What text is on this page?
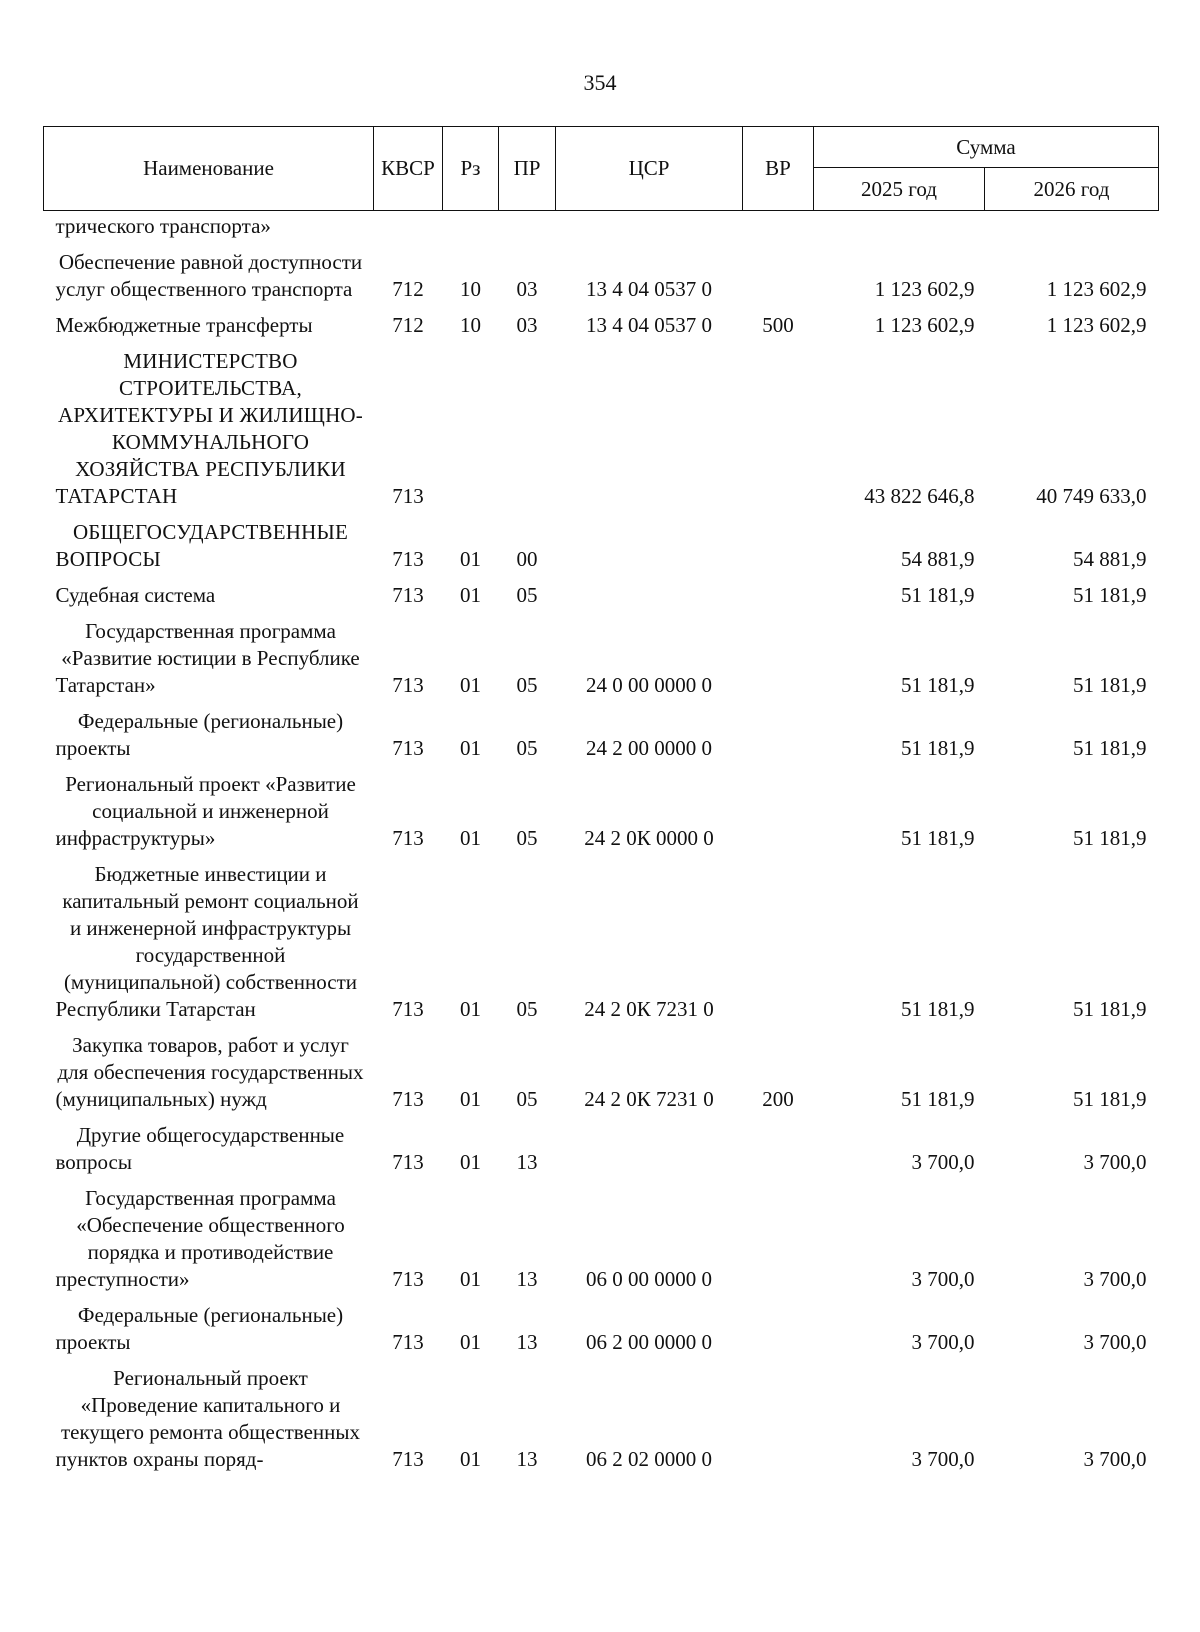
354
Наименование	КВСР	Рз	ПР	ЦСР	ВР	Сумма	
						2025 год	2026 год
трического транспорта»							
Обеспечение равной доступности услуг общественного транспорта	712	10	03	13 4 04 0537 0		1 123 602,9	1 123 602,9
Межбюджетные трансферты	712	10	03	13 4 04 0537 0	500	1 123 602,9	1 123 602,9
МИНИСТЕРСТВО СТРОИТЕЛЬСТВА, АРХИТЕКТУРЫ И ЖИЛИЩНО-КОММУНАЛЬНОГО ХОЗЯЙСТВА РЕСПУБЛИКИ ТАТАРСТАН	713					43 822 646,8	40 749 633,0
ОБЩЕГОСУДАРСТВЕННЫЕ ВОПРОСЫ	713	01	00			54 881,9	54 881,9
Судебная система	713	01	05			51 181,9	51 181,9
Государственная программа «Развитие юстиции в Республике Татарстан»	713	01	05	24 0 00 0000 0		51 181,9	51 181,9
Федеральные (региональные) проекты	713	01	05	24 2 00 0000 0		51 181,9	51 181,9
Региональный проект «Развитие социальной и инженерной инфраструктуры»	713	01	05	24 2 0К 0000 0		51 181,9	51 181,9
Бюджетные инвестиции и капитальный ремонт социальной и инженерной инфраструктуры государственной (муниципальной) собственности Республики Татарстан	713	01	05	24 2 0К 7231 0		51 181,9	51 181,9
Закупка товаров, работ и услуг для обеспечения государственных (муниципальных) нужд	713	01	05	24 2 0К 7231 0	200	51 181,9	51 181,9
Другие общегосударственные вопросы	713	01	13			3 700,0	3 700,0
Государственная программа «Обеспечение общественного порядка и противодействие преступности»	713	01	13	06 0 00 0000 0		3 700,0	3 700,0
Федеральные (региональные) проекты	713	01	13	06 2 00 0000 0		3 700,0	3 700,0
Региональный проект «Проведение капитального и текущего ремонта общественных пунктов охраны поряд-	713	01	13	06 2 02 0000 0		3 700,0	3 700,0
